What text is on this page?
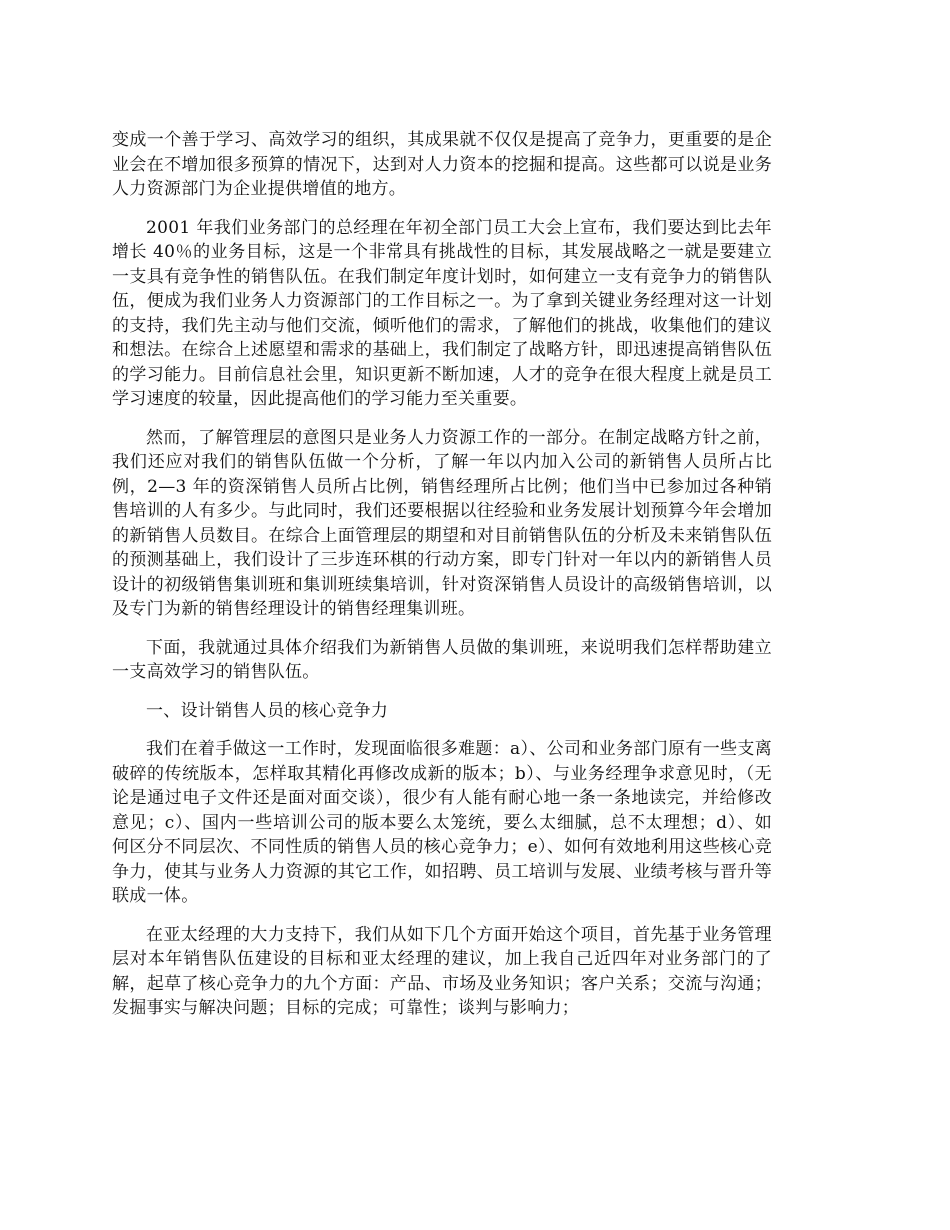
变成一个善于学习、高效学习的组织，其成果就不仅仅是提高了竞争力，更重要的是企业会在不增加很多预算的情况下，达到对人力资本的挖掘和提高。这些都可以说是业务人力资源部门为企业提供增值的地方。

2001 年我们业务部门的总经理在年初全部门员工大会上宣布，我们要达到比去年增长 40％的业务目标，这是一个非常具有挑战性的目标，其发展战略之一就是要建立一支具有竞争性的销售队伍。在我们制定年度计划时，如何建立一支有竞争力的销售队伍，便成为我们业务人力资源部门的工作目标之一。为了拿到关键业务经理对这一计划的支持，我们先主动与他们交流，倾听他们的需求，了解他们的挑战，收集他们的建议和想法。在综合上述愿望和需求的基础上，我们制定了战略方针，即迅速提高销售队伍的学习能力。目前信息社会里，知识更新不断加速，人才的竞争在很大程度上就是员工学习速度的较量，因此提高他们的学习能力至关重要。

然而，了解管理层的意图只是业务人力资源工作的一部分。在制定战略方针之前，我们还应对我们的销售队伍做一个分析，了解一年以内加入公司的新销售人员所占比例，2—3 年的资深销售人员所占比例，销售经理所占比例；他们当中已参加过各种销售培训的人有多少。与此同时，我们还要根据以往经验和业务发展计划预算今年会增加的新销售人员数目。在综合上面管理层的期望和对目前销售队伍的分析及未来销售队伍的预测基础上，我们设计了三步连环棋的行动方案，即专门针对一年以内的新销售人员设计的初级销售集训班和集训班续集培训，针对资深销售人员设计的高级销售培训，以及专门为新的销售经理设计的销售经理集训班。

下面，我就通过具体介绍我们为新销售人员做的集训班，来说明我们怎样帮助建立一支高效学习的销售队伍。

一、设计销售人员的核心竞争力

我们在着手做这一工作时，发现面临很多难题：a）、公司和业务部门原有一些支离破碎的传统版本，怎样取其精化再修改成新的版本；b）、与业务经理争求意见时，（无论是通过电子文件还是面对面交谈），很少有人能有耐心地一条一条地读完，并给修改意见；c）、国内一些培训公司的版本要么太笼统，要么太细腻，总不太理想；d）、如何区分不同层次、不同性质的销售人员的核心竞争力；e）、如何有效地利用这些核心竞争力，使其与业务人力资源的其它工作，如招聘、员工培训与发展、业绩考核与晋升等联成一体。

在亚太经理的大力支持下，我们从如下几个方面开始这个项目，首先基于业务管理层对本年销售队伍建设的目标和亚太经理的建议，加上我自己近四年对业务部门的了解，起草了核心竞争力的九个方面：产品、市场及业务知识；客户关系；交流与沟通；发掘事实与解决问题；目标的完成；可靠性；谈判与影响力；
